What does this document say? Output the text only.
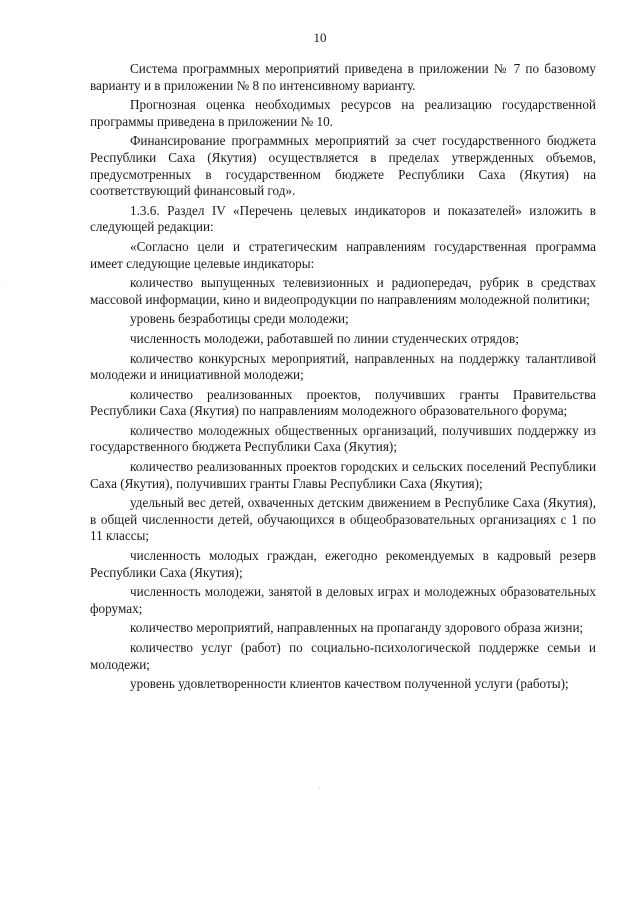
10

Система программных мероприятий приведена в приложении № 7 по базовому варианту и в приложении № 8 по интенсивному варианту.

Прогнозная оценка необходимых ресурсов на реализацию государственной программы приведена в приложении № 10.

Финансирование программных мероприятий за счет государственного бюджета Республики Саха (Якутия) осуществляется в пределах утвержденных объемов, предусмотренных в государственном бюджете Республики Саха (Якутия) на соответствующий финансовый год».

1.3.6. Раздел IV «Перечень целевых индикаторов и показателей» изложить в следующей редакции:

«Согласно цели и стратегическим направлениям государственная программа имеет следующие целевые индикаторы:

количество выпущенных телевизионных и радиопередач, рубрик в средствах массовой информации, кино и видеопродукции по направлениям молодежной политики;

уровень безработицы среди молодежи;

численность молодежи, работавшей по линии студенческих отрядов;

количество конкурсных мероприятий, направленных на поддержку талантливой молодежи и инициативной молодежи;

количество реализованных проектов, получивших гранты Правительства Республики Саха (Якутия) по направлениям молодежного образовательного форума;

количество молодежных общественных организаций, получивших поддержку из государственного бюджета Республики Саха (Якутия);

количество реализованных проектов городских и сельских поселений Республики Саха (Якутия), получивших гранты Главы Республики Саха (Якутия);

удельный вес детей, охваченных детским движением в Республике Саха (Якутия), в общей численности детей, обучающихся в общеобразовательных организациях с 1 по 11 классы;

численность молодых граждан, ежегодно рекомендуемых в кадровый резерв Республики Саха (Якутия);

численность молодежи, занятой в деловых играх и молодежных образовательных форумах;

количество мероприятий, направленных на пропаганду здорового образа жизни;

количество услуг (работ) по социально-психологической поддержке семьи и молодежи;

уровень удовлетворенности клиентов качеством полученной услуги (работы);
